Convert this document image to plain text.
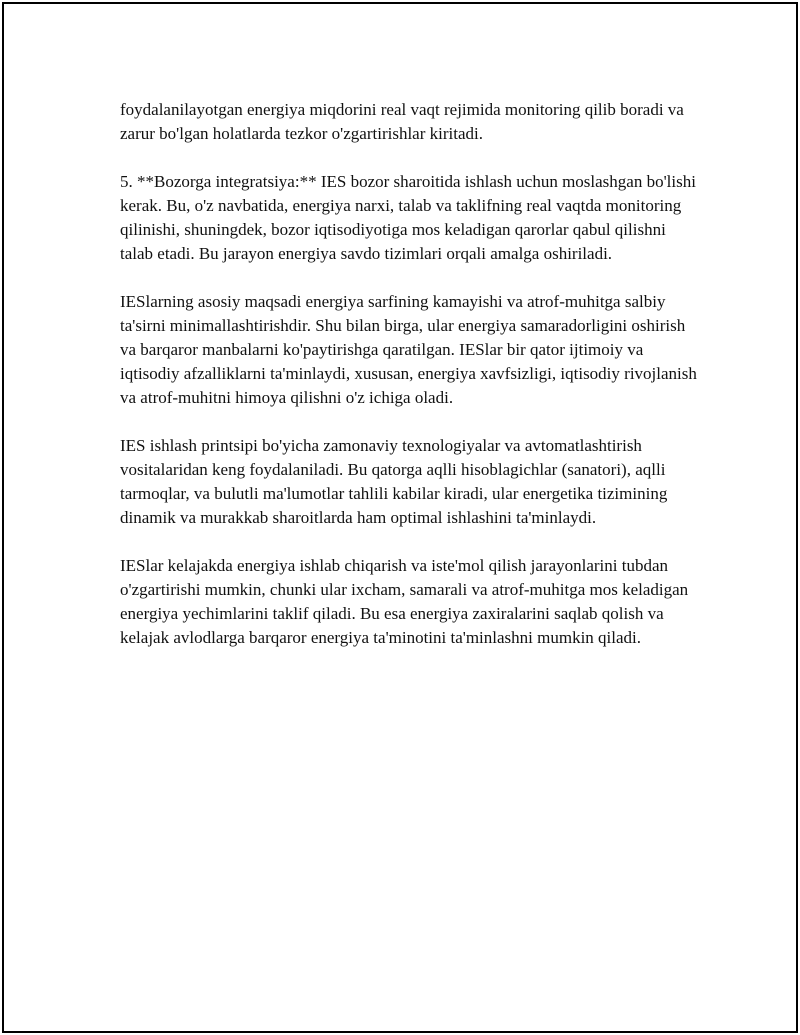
foydalanilayotgan energiya miqdorini real vaqt rejimida monitoring qilib boradi va zarur bo'lgan holatlarda tezkor o'zgartirishlar kiritadi.

5. **Bozorga integratsiya:** IES bozor sharoitida ishlash uchun moslashgan bo'lishi kerak. Bu, o'z navbatida, energiya narxi, talab va taklifning real vaqtda monitoring qilinishi, shuningdek, bozor iqtisodiyotiga mos keladigan qarorlar qabul qilishni talab etadi. Bu jarayon energiya savdo tizimlari orqali amalga oshiriladi.

IESlarning asosiy maqsadi energiya sarfining kamayishi va atrof-muhitga salbiy ta'sirni minimallashtirishdir. Shu bilan birga, ular energiya samaradorligini oshirish va barqaror manbalarni ko'paytirishga qaratilgan. IESlar bir qator ijtimoiy va iqtisodiy afzalliklarni ta'minlaydi, xususan, energiya xavfsizligi, iqtisodiy rivojlanish va atrof-muhitni himoya qilishni o'z ichiga oladi.

IES ishlash printsipi bo'yicha zamonaviy texnologiyalar va avtomatlashtirish vositalaridan keng foydalaniladi. Bu qatorga aqlli hisoblagichlar (sanatori), aqlli tarmoqlar, va bulutli ma'lumotlar tahlili kabilar kiradi, ular energetika tizimining dinamik va murakkab sharoitlarda ham optimal ishlashini ta'minlaydi.

IESlar kelajakda energiya ishlab chiqarish va iste'mol qilish jarayonlarini tubdan o'zgartirishi mumkin, chunki ular ixcham, samarali va atrof-muhitga mos keladigan energiya yechimlarini taklif qiladi. Bu esa energiya zaxiralarini saqlab qolish va kelajak avlodlarga barqaror energiya ta'minotini ta'minlashni mumkin qiladi.
